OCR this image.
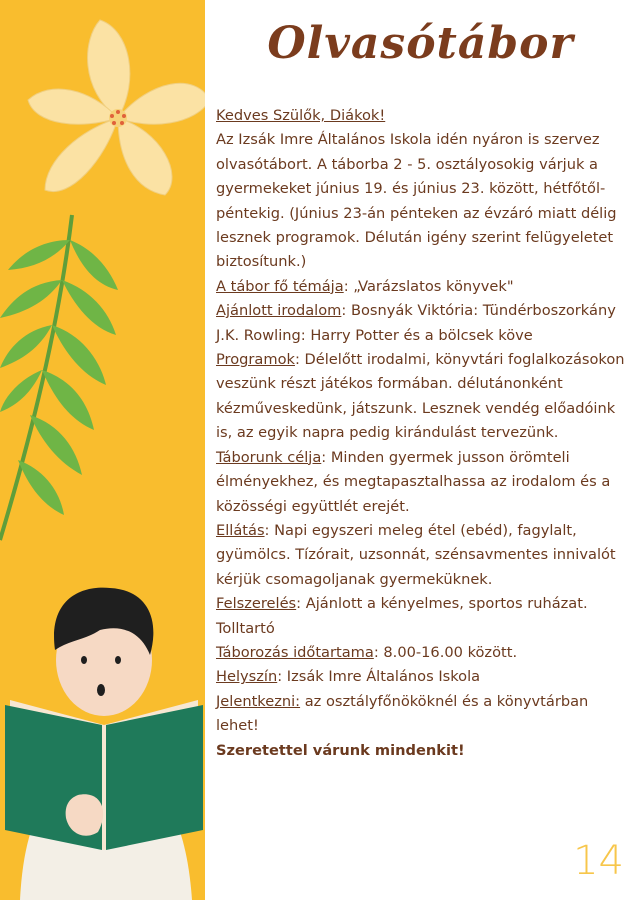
Olvasótábor

Kedves Szülők, Diákok!

Az Izsák Imre Általános Iskola idén nyáron is szervez olvasótábort. A táborba 2 - 5. osztályosokig várjuk a gyermekeket június 19. és június 23. között, hétfőtől-péntekig. (Június 23-án pénteken az évzáró miatt délig lesznek programok. Délután igény szerint felügyeletet biztosítunk.)

A tábor fő témája: „Varázslatos könyvek"

Ajánlott irodalom: Bosnyák Viktória: Tündérboszorkány J.K. Rowling: Harry Potter és a bölcsek köve

Programok: Délelőtt irodalmi, könyvtári foglalkozásokon veszünk részt játékos formában. délutánonként kézműveskedünk, játszunk. Lesznek vendég előadóink is, az egyik napra pedig kirándulást tervezünk.

Táborunk célja: Minden gyermek jusson örömteli élményekhez, és megtapasztalhassa az irodalom és a közösségi együttlét erejét.

Ellátás: Napi egyszeri meleg étel (ebéd), fagylalt, gyümölcs. Tízórait, uzsonnát, szénsavmentes innivalót kérjük csomagoljanak gyermeküknek.

Felszerelés: Ajánlott a kényelmes, sportos ruházat. Tolltartó

Táborozás időtartama: 8.00-16.00 között.

Helyszín: Izsák Imre Általános Iskola

Jelentkezni: az osztályfőnököknél és a könyvtárban lehet!

Szeretettel várunk mindenkit!

14
